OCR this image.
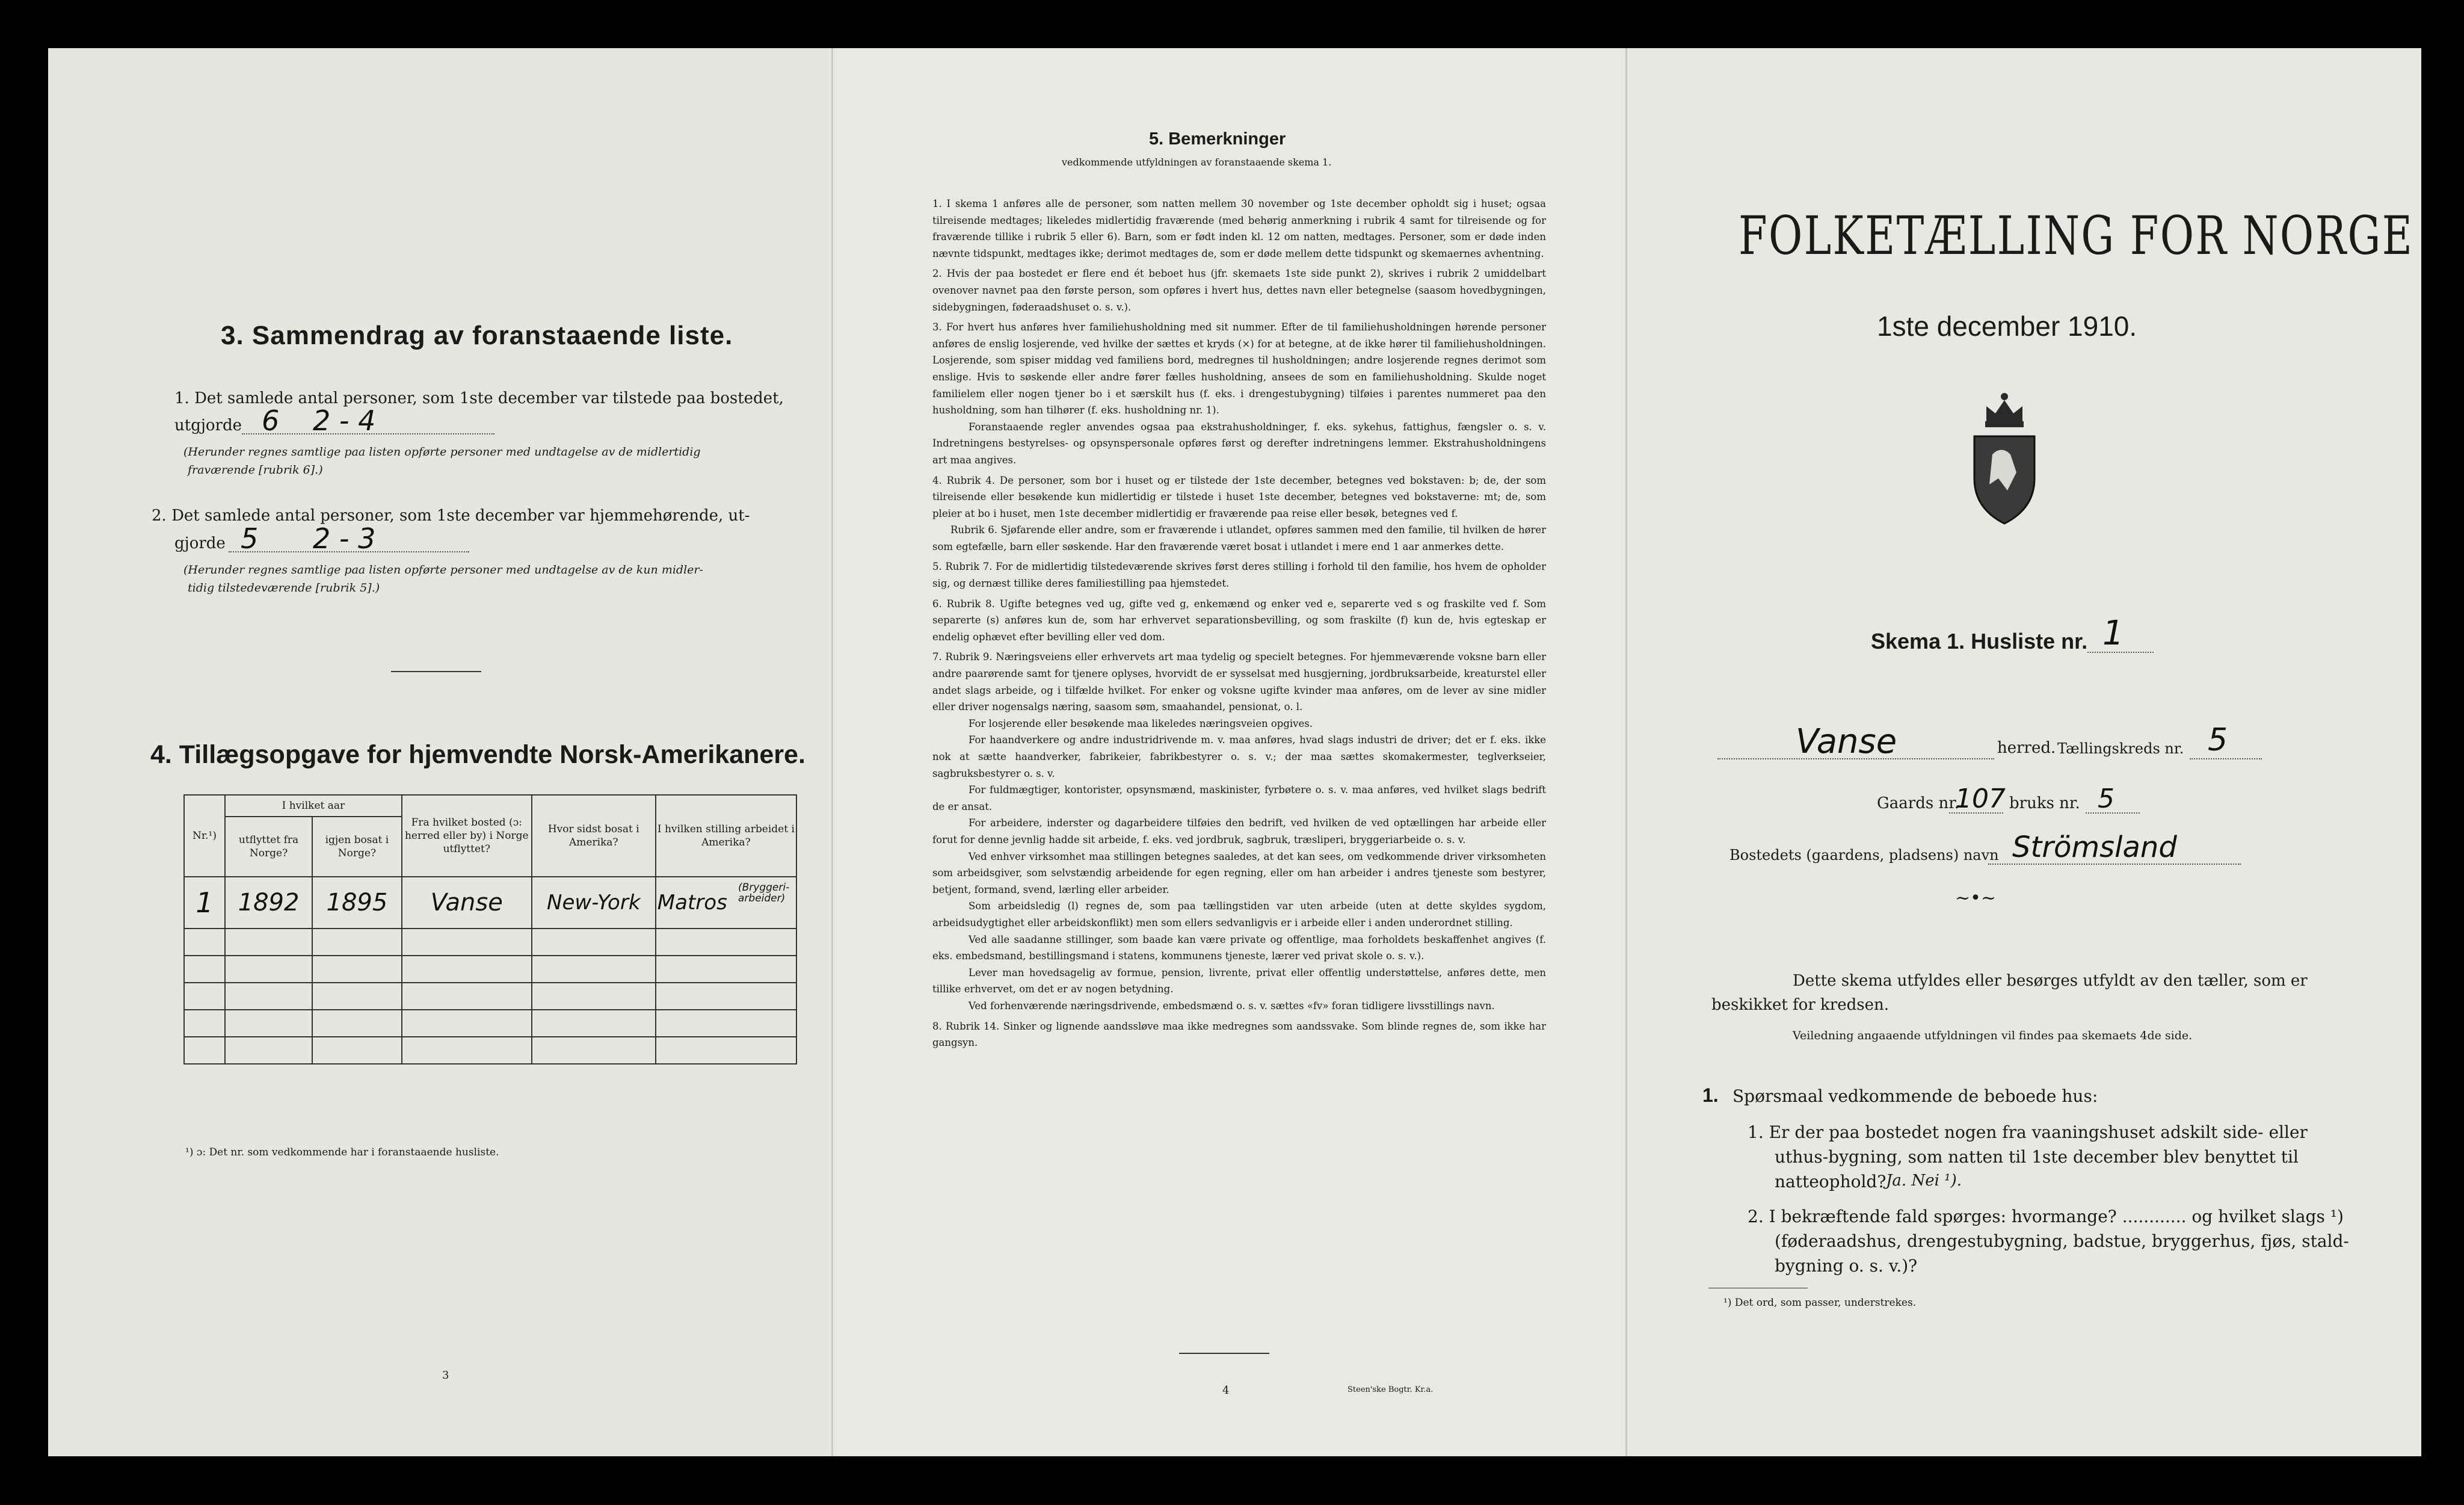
3. Sammendrag av foranstaaende liste.
1. Det samlede antal personer, som 1ste december var tilstede paa bostedet,
utgjorde 6 2 - 4
(Herunder regnes samtlige paa listen opførte personer med undtagelse av de midlertidig
fraværende [rubrik 6].)
2. Det samlede antal personer, som 1ste december var hjemmehørende, ut-
gjorde 5 2 - 3
(Herunder regnes samtlige paa listen opførte personer med undtagelse av de kun midler-
tidig tilstedeværende [rubrik 5].)
4. Tillægsopgave for hjemvendte Norsk-Amerikanere.
Nr.¹)	I hvilket aar		Fra hvilket bosted (ɔ: herred eller by) i Norge utflyttet?	Hvor sidst bosat i Amerika?	I hvilken stilling arbeidet i Amerika?
	utflyttet fra Norge?	igjen bosat i Norge?			
1	1892	1895	Vanse	New-York	Matros
(Bryggeri-arbeider)

¹) ɔ: Det nr. som vedkommende har i foranstaaende husliste.
3
5. Bemerkninger
vedkommende utfyldningen av foranstaaende skema 1.

1. I skema 1 anføres alle de personer, som natten mellem 30 november og 1ste december opholdt sig i huset; ogsaa tilreisende medtages; likeledes midlertidig fraværende (med behørig anmerkning i rubrik 4 samt for tilreisende og for fraværende tillike i rubrik 5 eller 6). Barn, som er født inden kl. 12 om natten, medtages. Personer, som er døde inden nævnte tidspunkt, medtages ikke; derimot medtages de, som er døde mellem dette tidspunkt og skemaernes avhentning.

2. Hvis der paa bostedet er flere end ét beboet hus (jfr. skemaets 1ste side punkt 2), skrives i rubrik 2 umiddelbart ovenover navnet paa den første person, som opføres i hvert hus, dettes navn eller betegnelse (saasom hovedbygningen, sidebygningen, føderaadshuset o. s. v.).

3. For hvert hus anføres hver familiehusholdning med sit nummer. Efter de til familiehusholdningen hørende personer anføres de enslig losjerende, ved hvilke der sættes et kryds (×) for at betegne, at de ikke hører til familiehusholdningen. Losjerende, som spiser middag ved familiens bord, medregnes til husholdningen; andre losjerende regnes derimot som enslige. Hvis to søskende eller andre fører fælles husholdning, ansees de som en familiehusholdning. Skulde noget familielem eller nogen tjener bo i et særskilt hus (f. eks. i drengestubygning) tilføies i parentes nummeret paa den husholdning, som han tilhører (f. eks. husholdning nr. 1).

Foranstaaende regler anvendes ogsaa paa ekstrahusholdninger, f. eks. sykehus, fattighus, fængsler o. s. v. Indretningens bestyrelses- og opsynspersonale opføres først og derefter indretningens lemmer. Ekstrahusholdningens art maa angives.

4. Rubrik 4. De personer, som bor i huset og er tilstede der 1ste december, betegnes ved bokstaven: b; de, der som tilreisende eller besøkende kun midlertidig er tilstede i huset 1ste december, betegnes ved bokstaverne: mt; de, som pleier at bo i huset, men 1ste december midlertidig er fraværende paa reise eller besøk, betegnes ved f.

Rubrik 6. Sjøfarende eller andre, som er fraværende i utlandet, opføres sammen med den familie, til hvilken de hører som egtefælle, barn eller søskende. Har den fraværende været bosat i utlandet i mere end 1 aar anmerkes dette.

5. Rubrik 7. For de midlertidig tilstedeværende skrives først deres stilling i forhold til den familie, hos hvem de opholder sig, og dernæst tillike deres familiestilling paa hjemstedet.

6. Rubrik 8. Ugifte betegnes ved ug, gifte ved g, enkemænd og enker ved e, separerte ved s og fraskilte ved f. Som separerte (s) anføres kun de, som har erhvervet separationsbevilling, og som fraskilte (f) kun de, hvis egteskap er endelig ophævet efter bevilling eller ved dom.

7. Rubrik 9. Næringsveiens eller erhvervets art maa tydelig og specielt betegnes. For hjemmeværende voksne barn eller andre paarørende samt for tjenere oplyses, hvorvidt de er sysselsat med husgjerning, jordbruksarbeide, kreaturstel eller andet slags arbeide, og i tilfælde hvilket. For enker og voksne ugifte kvinder maa anføres, om de lever av sine midler eller driver nogensalgs næring, saasom søm, smaahandel, pensionat, o. l.

For losjerende eller besøkende maa likeledes næringsveien opgives.

For haandverkere og andre industridrivende m. v. maa anføres, hvad slags industri de driver; det er f. eks. ikke nok at sætte haandverker, fabrikeier, fabrikbestyrer o. s. v.; der maa sættes skomakermester, teglverkseier, sagbruksbestyrer o. s. v.

For fuldmægtiger, kontorister, opsynsmænd, maskinister, fyrbøtere o. s. v. maa anføres, ved hvilket slags bedrift de er ansat.

For arbeidere, inderster og dagarbeidere tilføies den bedrift, ved hvilken de ved optællingen har arbeide eller forut for denne jevnlig hadde sit arbeide, f. eks. ved jordbruk, sagbruk, træsliperi, bryggeriarbeide o. s. v.

Ved enhver virksomhet maa stillingen betegnes saaledes, at det kan sees, om vedkommende driver virksomheten som arbeidsgiver, som selvstændig arbeidende for egen regning, eller om han arbeider i andres tjeneste som bestyrer, betjent, formand, svend, lærling eller arbeider.

Som arbeidsledig (l) regnes de, som paa tællingstiden var uten arbeide (uten at dette skyldes sygdom, arbeidsudygtighet eller arbeidskonflikt) men som ellers sedvanligvis er i arbeide eller i anden underordnet stilling.

Ved alle saadanne stillinger, som baade kan være private og offentlige, maa forholdets beskaffenhet angives (f. eks. embedsmand, bestillingsmand i statens, kommunens tjeneste, lærer ved privat skole o. s. v.).

Lever man hovedsagelig av formue, pension, livrente, privat eller offentlig understøttelse, anføres dette, men tillike erhvervet, om det er av nogen betydning.

Ved forhenværende næringsdrivende, embedsmænd o. s. v. sættes «fv» foran tidligere livsstillings navn.

8. Rubrik 14. Sinker og lignende aandssløve maa ikke medregnes som aandssvake. Som blinde regnes de, som ikke har gangsyn.

4	Steen'ske Bogtr. Kr.a.
FOLKETÆLLING FOR NORGE
1ste december 1910.
Skema 1. Husliste nr. 1
Vanse	herred. Tællingskreds nr. 5
Gaards nr.
107 bruks nr. 5
Bostedets (gaardens, pladsens) navn Strömsland
~•~
Dette skema utfyldes eller besørges utfyldt av den tæller, som er
beskikket for kredsen.
Veiledning angaaende utfyldningen vil findes paa skemaets 4de side.
1. Spørsmaal vedkommende de beboede hus:
1. Er der paa bostedet nogen fra vaaningshuset adskilt side- eller
uthus-bygning, som natten til 1ste december blev benyttet til
natteophold? Ja. Nei ¹).
2. I bekræftende fald spørges: hvormange? ............ og hvilket slags ¹)
(føderaadshus, drengestubygning, badstue, bryggerhus, fjøs, stald-
bygning o. s. v.)?
¹) Det ord, som passer, understrekes.
